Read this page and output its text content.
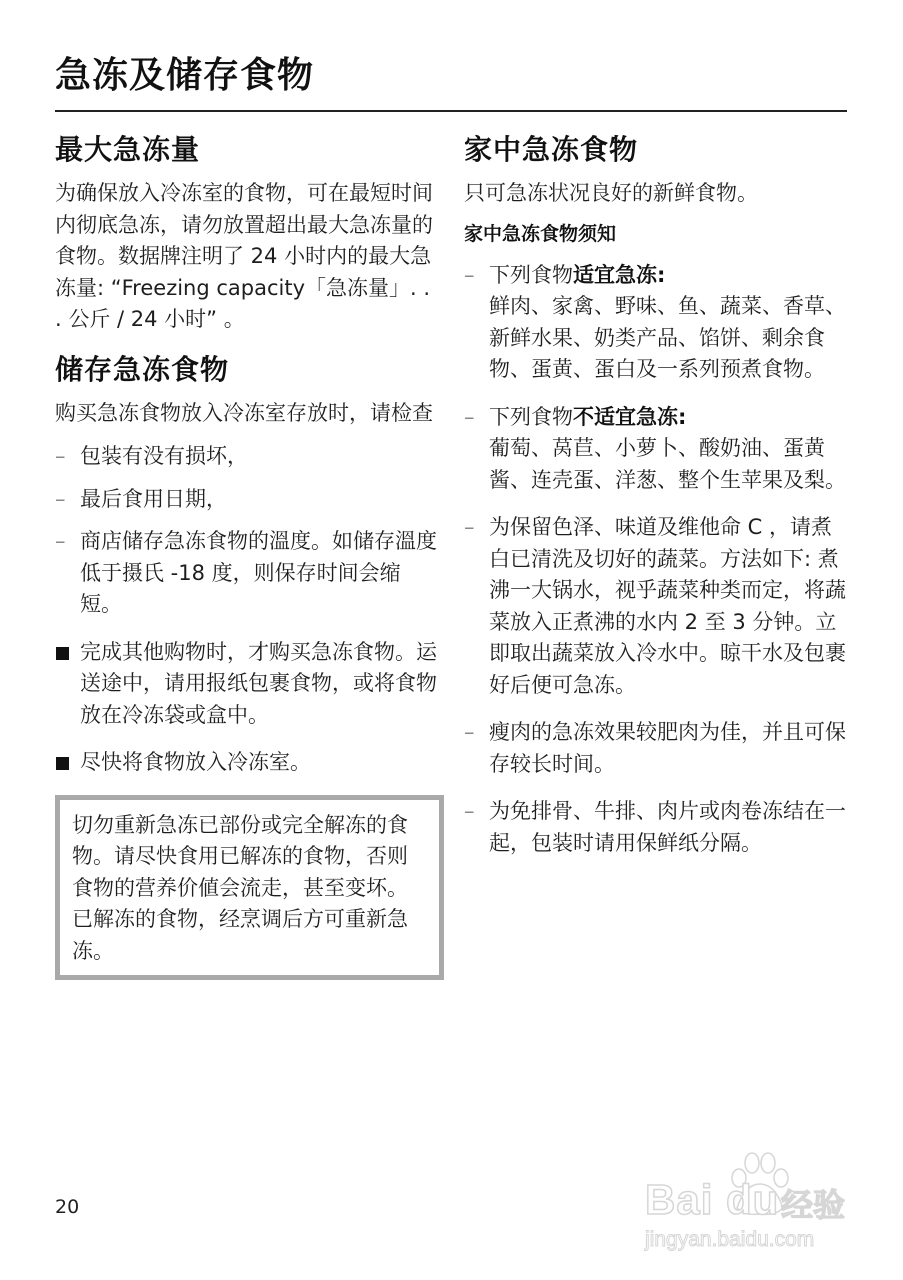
急冻及储存食物
最大急冻量

为确保放入冷冻室的食物，可在最短时间内彻底急冻，请勿放置超出最大急冻量的食物。数据牌注明了 24 小时内的最大急冻量: “Freezing capacity「急冻量」. . . 公斤 / 24 小时” 。

储存急冻食物

购买急冻食物放入冷冻室存放时，请检查

– 包装有没有损坏，
– 最后食用日期，
– 商店储存急冻食物的溫度。如储存溫度低于摄氏 -18 度，则保存时间会缩短。
完成其他购物时，才购买急冻食物。运送途中，请用报纸包裹食物，或将食物放在冷冻袋或盒中。
尽快将食物放入冷冻室。
切勿重新急冻已部份或完全解冻的食物。请尽快食用已解冻的食物，否则食物的营养价値会流走，甚至变坏。已解冻的食物，经烹调后方可重新急冻。
家中急冻食物

只可急冻状况良好的新鲜食物。

家中急冻食物须知
– 下列食物适宜急冻:
鲜肉、家禽、野味、鱼、蔬菜、香草、新鲜水果、奶类产品、馅饼、剩余食物、蛋黄、蛋白及一系列预煮食物。
– 下列食物不适宜急冻:
葡萄、莴苣、小萝卜、酸奶油、蛋黄酱、连壳蛋、洋葱、整个生苹果及梨。
– 为保留色泽、味道及维他命 C ，请煮白已清洗及切好的蔬菜。方法如下: 煮沸一大锅水，视乎蔬菜种类而定，将蔬菜放入正煮沸的水内 2 至 3 分钟。立即取出蔬菜放入冷水中。晾干水及包裹好后便可急冻。
– 瘦肉的急冻效果较肥肉为佳，并且可保存较长时间。
– 为免排骨、牛排、肉片或肉卷冻结在一起，包装时请用保鲜纸分隔。
20	Bai du 经验
jingyan.baidu.com
